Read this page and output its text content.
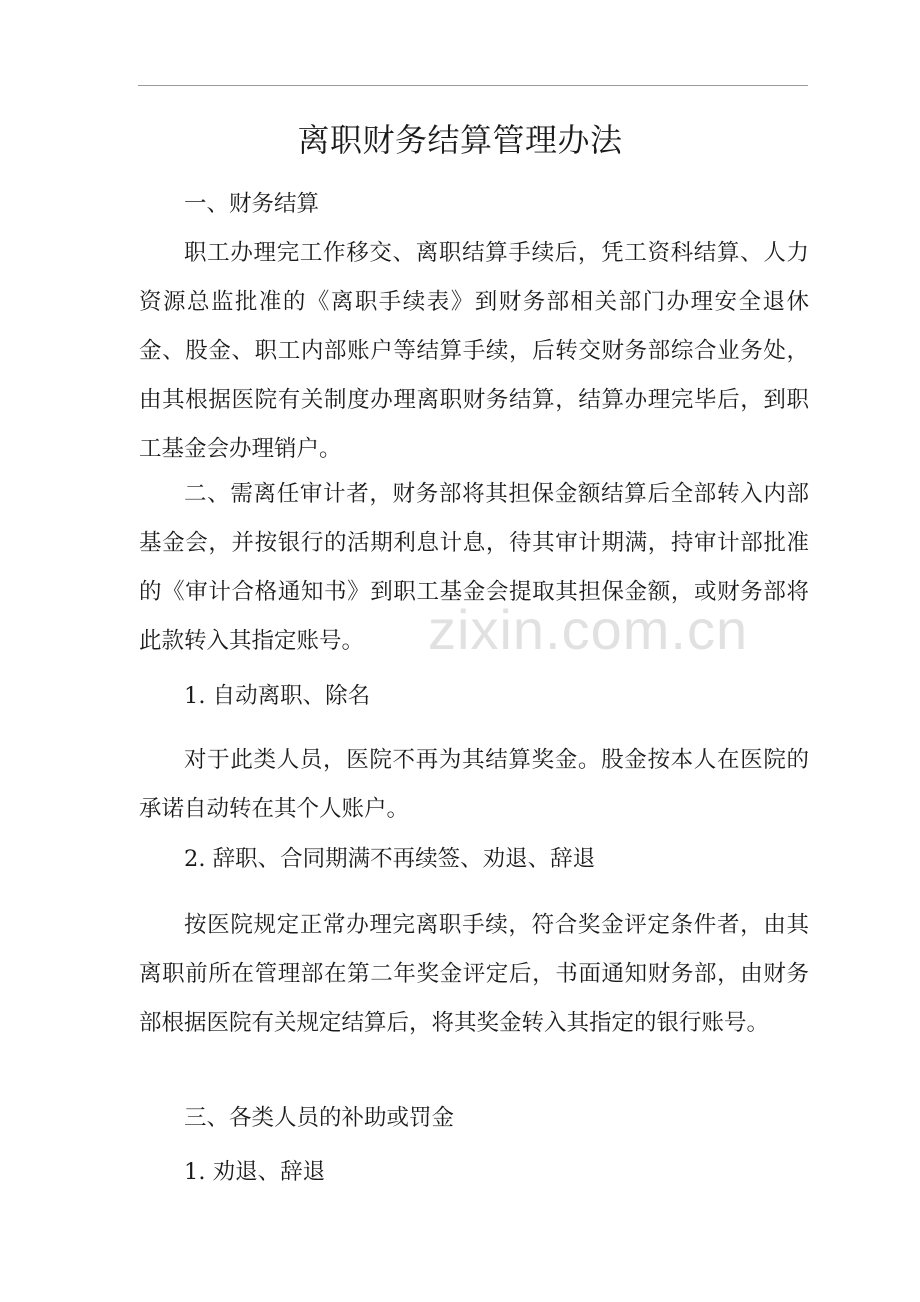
离职财务结算管理办法

一、财务结算

职工办理完工作移交、离职结算手续后，凭工资科结算、人力资源总监批准的《离职手续表》到财务部相关部门办理安全退休金、股金、职工内部账户等结算手续，后转交财务部综合业务处，由其根据医院有关制度办理离职财务结算，结算办理完毕后，到职工基金会办理销户。

二、需离任审计者，财务部将其担保金额结算后全部转入内部基金会，并按银行的活期利息计息，待其审计期满，持审计部批准的《审计合格通知书》到职工基金会提取其担保金额，或财务部将此款转入其指定账号。

1. 自动离职、除名

对于此类人员，医院不再为其结算奖金。股金按本人在医院的承诺自动转在其个人账户。

2. 辞职、合同期满不再续签、劝退、辞退

按医院规定正常办理完离职手续，符合奖金评定条件者，由其离职前所在管理部在第二年奖金评定后，书面通知财务部，由财务部根据医院有关规定结算后，将其奖金转入其指定的银行账号。

三、各类人员的补助或罚金

1. 劝退、辞退

zixin.com.cn
